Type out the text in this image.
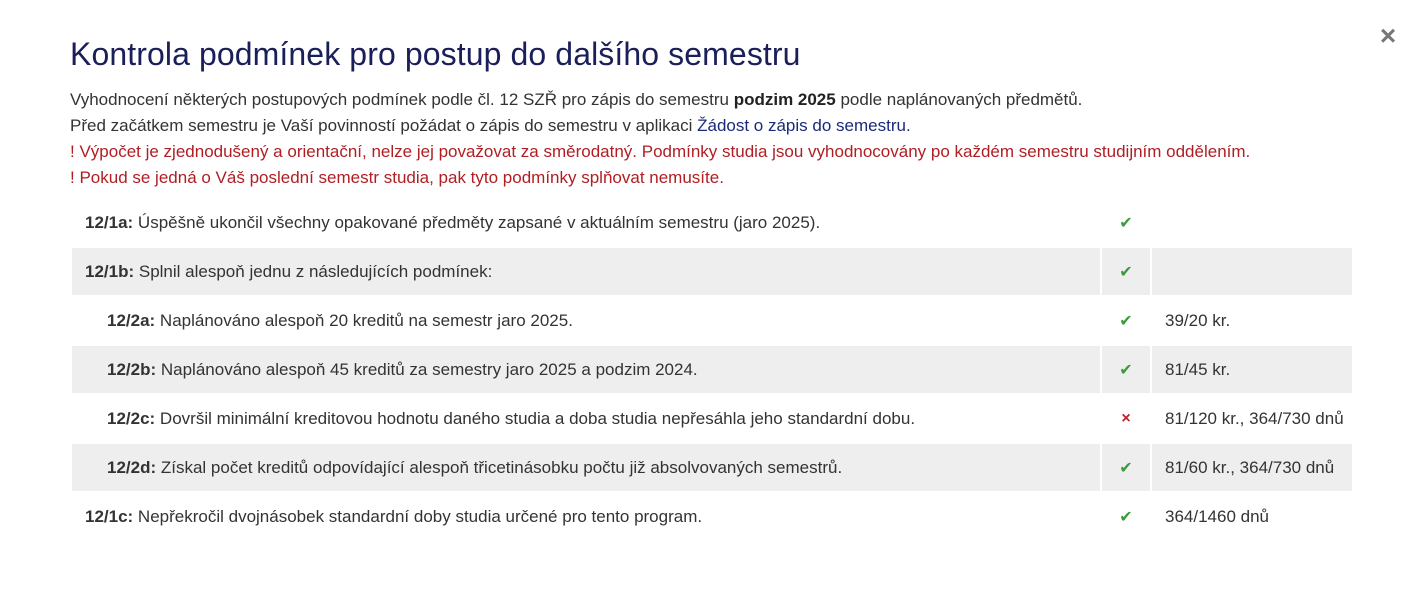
×
Kontrola podmínek pro postup do dalšího semestru

Vyhodnocení některých postupových podmínek podle čl. 12 SZŘ pro zápis do semestru podzim 2025 podle naplánovaných předmětů.

Před začátkem semestru je Vaší povinností požádat o zápis do semestru v aplikaci Žádost o zápis do semestru.

! Výpočet je zjednodušený a orientační, nelze jej považovat za směrodatný. Podmínky studia jsou vyhodnocovány po každém semestru studijním oddělením.

! Pokud se jedná o Váš poslední semestr studia, pak tyto podmínky splňovat nemusíte.

12/1a: Úspěšně ukončil všechny opakované předměty zapsané v aktuálním semestru (jaro 2025).	✔	
12/1b: Splnil alespoň jednu z následujících podmínek:	✔	
12/2a: Naplánováno alespoň 20 kreditů na semestr jaro 2025.	✔	39/20 kr.
12/2b: Naplánováno alespoň 45 kreditů za semestry jaro 2025 a podzim 2024.	✔	81/45 kr.
12/2c: Dovršil minimální kreditovou hodnotu daného studia a doba studia nepřesáhla jeho standardní dobu.	×	81/120 kr., 364/730 dnů
12/2d: Získal počet kreditů odpovídající alespoň třicetinásobku počtu již absolvovaných semestrů.	✔	81/60 kr., 364/730 dnů
12/1c: Nepřekročil dvojnásobek standardní doby studia určené pro tento program.	✔	364/1460 dnů
